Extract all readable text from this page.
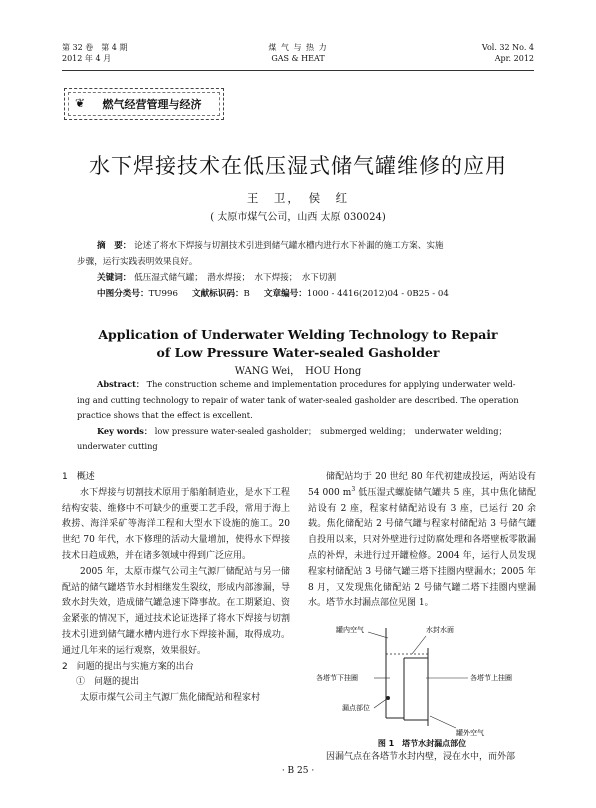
第 32 卷　第 4 期
2012 年 4 月
煤 气 与 热 力
GAS & HEAT
Vol. 32 No. 4
Apr. 2012
❦ 燃气经营管理与经济
水下焊接技术在低压湿式储气罐维修的应用
王　卫，　侯　红
( 太原市煤气公司，山西 太原 030024)
摘　要： 论述了将水下焊接与切割技术引进到储气罐水槽内进行水下补漏的施工方案、实施
步骤，运行实践表明效果良好。
关键词： 低压湿式储气罐；　潜水焊接；　水下焊接；　水下切割
中图分类号：TU996 文献标识码：B 文章编号：1000 - 4416(2012)04 - 0B25 - 04
Application of Underwater Welding Technology to Repair
of Low Pressure Water-sealed Gasholder
WANG Wei，　HOU Hong
Abstract： The construction scheme and implementation procedures for applying underwater weld-
ing and cutting technology to repair of water tank of water-sealed gasholder are described. The operation
practice shows that the effect is excellent.
Key words： low pressure water-sealed gasholder；　submerged welding；　underwater welding；
underwater cutting

1　概述

水下焊接与切割技术原用于船舶制造业，是水下工程结构安装、维修中不可缺少的重要工艺手段，常用于海上救捞、海洋采矿等海洋工程和大型水下设施的施工。20 世纪 70 年代，水下修理的活动大量增加，使得水下焊接技术日趋成熟，并在诸多领域中得到广泛应用。

2005 年，太原市煤气公司主气源厂储配站与另一储配站的储气罐塔节水封相继发生裂纹，形成内部渗漏，导致水封失效，造成储气罐急速下降事故。在工期紧迫、资金紧张的情况下，通过技术论证选择了将水下焊接与切割技术引进到储气罐水槽内进行水下焊接补漏，取得成功。通过几年来的运行观察，效果很好。

2　问题的提出与实施方案的出台

①　问题的提出

太原市煤气公司主气源厂焦化储配站和程家村

储配站均于 20 世纪 80 年代初建成投运，两站设有 54 000 $m^3$ 低压湿式螺旋储气罐共 5 座，其中焦化储配站设有 2 座，程家村储配站设有 3 座，已运行 20 余载。焦化储配站 2 号储气罐与程家村储配站 3 号储气罐自投用以来，只对外壁进行过防腐处理和各塔壁板零散漏点的补焊，未进行过开罐检修。2004 年，运行人员发现程家村储配站 3 号储气罐三塔下挂圈内壁漏水；2005 年 8 月，又发现焦化储配站 2 号储气罐二塔下挂圈内壁漏水。塔节水封漏点部位见图 1。

罐内空气	水封水面
各塔节下挂圈	各塔节上挂圈
漏点部位
罐外空气
图 1　塔节水封漏点部位

因漏气点在各塔节水封内壁，浸在水中，而外部

· B 25 ·
